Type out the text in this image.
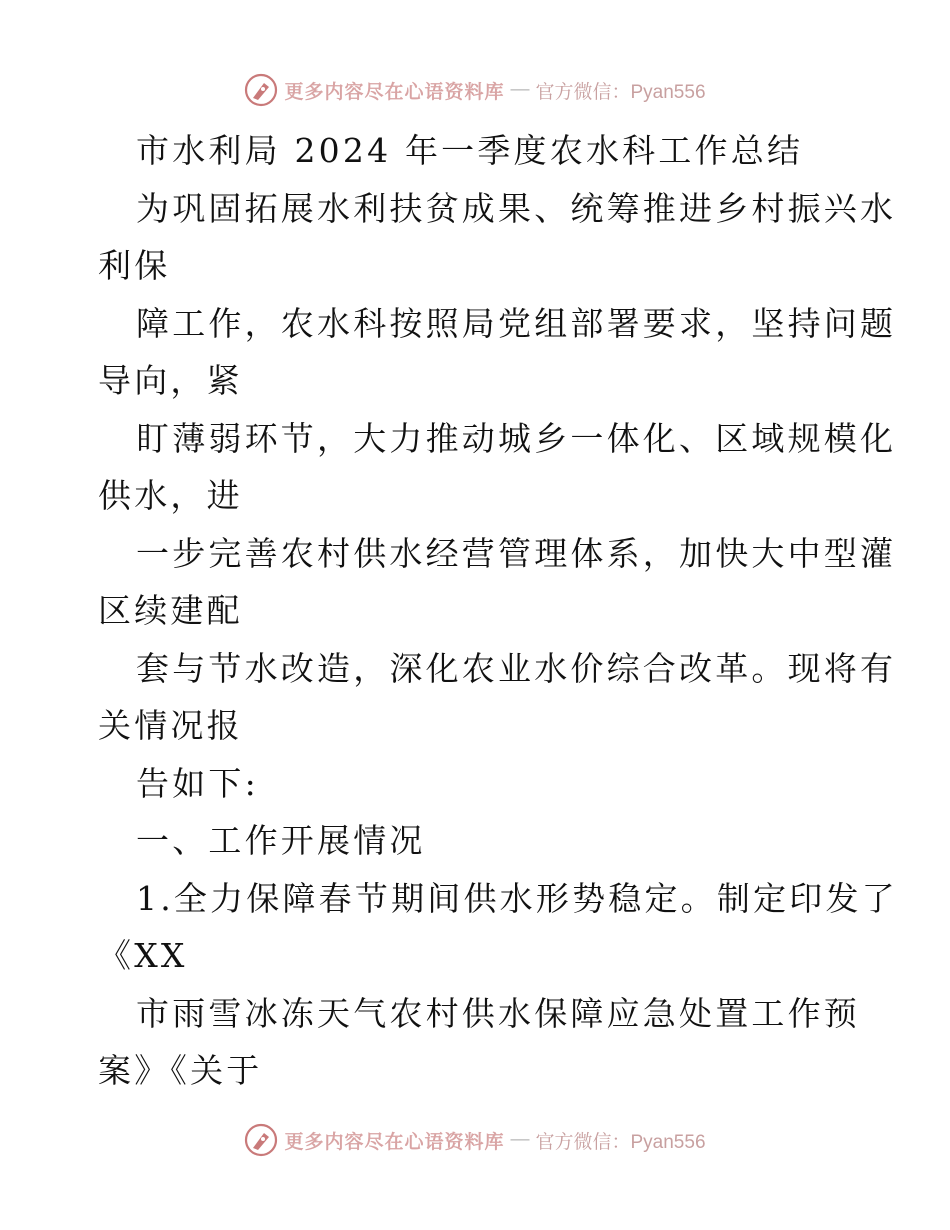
更多内容尽在心语资料库 — 官方微信：Pyan556
市水利局 2024 年一季度农水科工作总结
为巩固拓展水利扶贫成果、统筹推进乡村振兴水
利保
障工作，农水科按照局党组部署要求，坚持问题
导向，紧
盯薄弱环节，大力推动城乡一体化、区域规模化
供水，进
一步完善农村供水经营管理体系，加快大中型灌
区续建配
套与节水改造，深化农业水价综合改革。现将有
关情况报
告如下:
一、工作开展情况
1.全力保障春节期间供水形势稳定。制定印发了
《XX
市雨雪冰冻天气农村供水保障应急处置工作预
案》《关于
更多内容尽在心语资料库 — 官方微信：Pyan556
